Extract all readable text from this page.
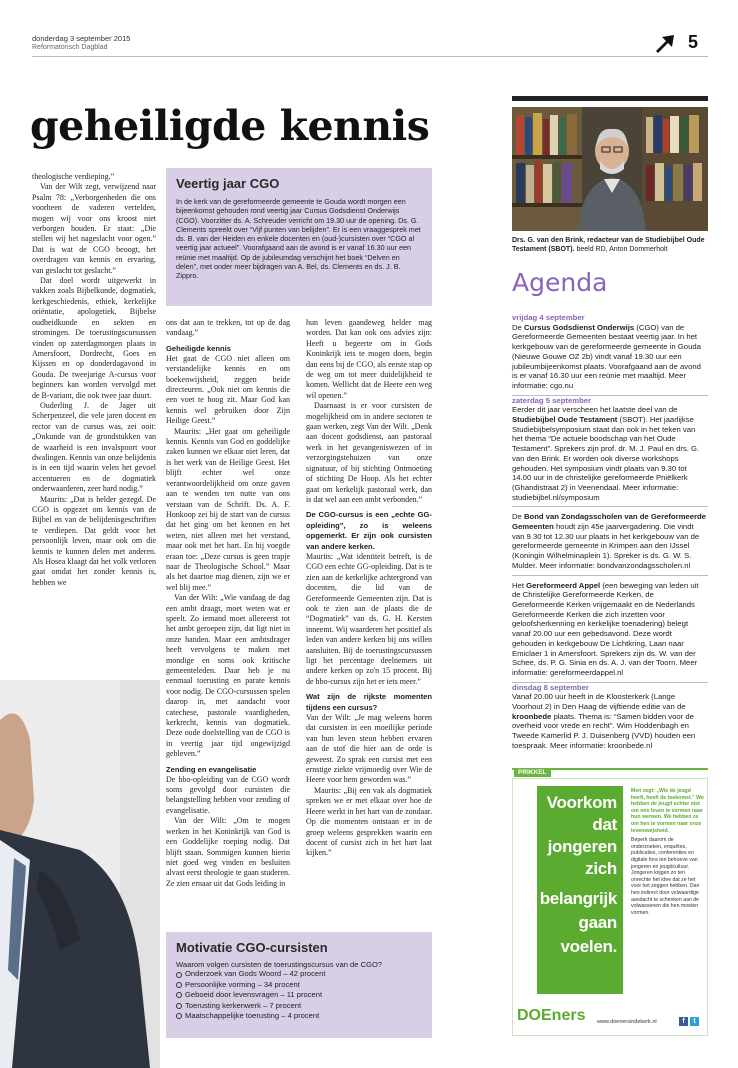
donderdag 3 september 2015
Reformatorisch Dagblad	5
geheiligde kennis

theologische verdieping.”

Van der Wilt zegt, verwijzend naar Psalm 78: „Verborgenheden die ons voorheen de vaderen vertelden, mogen wij voor ons kroost niet verborgen houden. Er staat: „Die stellen wij het nageslacht voor ogen.” Dat is wat de CGO beoogt, het overdragen van kennis en ervaring, van geslacht tot geslacht.”

Dat doel wordt uitgewerkt in vakken zoals Bijbelkunde, dogmatiek, kerkgeschiedenis, ethiek, kerkelijke oriëntatie, apologetiek, Bijbelse oudheidkunde en sekten en stromingen. De toerustingscursussen vinden op zaterdagmorgen plaats in Amersfoort, Dordrecht, Goes en Kijssen en op donderdagavond in Gouda. De tweejarige A-cursus voor beginners kan worden vervolgd met de B-variant, die ook twee jaar duurt.

Ouderling J. de Jager uit Scherpenzeel, die vele jaren docent en rector van de cursus was, zei ooit: „Onkunde van de grondstukken van de waarheid is een invalspoort voor dwalingen. Kennis van onze belijdenis is in een tijd waarin velen het gevoel accentueren en de dogmatiek onderwaarderen, zeer hard nodig.”

Maurits: „Dat is helder gezegd. De CGO is opgezet om kennis van de Bijbel en van de belijdenisgeschriften te verdiepen. Dat geldt voor het persoonlijk leven, maar ook om die kennis te kunnen delen met anderen. Als Hosea klaagt dat het volk verloren gaat omdat het zonder kennis is, hebben we

Veertig jaar CGO
In de kerk van de gereformeerde gemeente te Gouda wordt morgen een bijeenkomst gehouden rond veertig jaar Cursus Godsdienst Onderwijs (CGO). Voorzitter ds. A. Schreuder verricht om 19.30 uur de opening. Ds. G. Clements spreekt over “Vijf punten van belijden”. Er is een vraaggesprek met ds. B. van der Heiden en enkele docenten en (oud-)cursisten over “CGO al veertig jaar actueel”. Voorafgaand aan de avond is er vanaf 16.30 uur een reünie met maaltijd. Op de jubileumdag verschijnt het boek “Delven en delen”, met onder meer bijdragen van A. Bel, ds. Clements en ds. J. B. Zippro.

ons dat aan te trekken, tot op de dag vandaag.”

Geheiligde kennis

Het gaat de CGO niet alleen om verstandelijke kennis en om boekenwijsheid, zeggen beide directeuren. „Ook niet om kennis die een voet te hoog zit. Maar God kan kennis wel gebruiken door Zijn Heilige Geest.”

Maurits: „Het gaat om geheiligde kennis. Kennis van God en goddelijke zaken kunnen we elkaar niet leren, dat is het werk van de Heilige Geest. Het blijft echter wel onze verantwoordelijkheid om onze gaven aan te wenden ten nutte van ons verstaan van de Schrift. Ds. A. F. Honkoop zei bij de start van de cursus dat het ging om het kennen en het weten, niet alleen met het verstand, maar ook met het hart. En hij voegde eraan toe: „Deze cursus is geen trapje naar de Theologische School.” Maar als het daartoe mag dienen, zijn we er wel blij mee.”

Van der Wilt: „Wie vandaag de dag een ambt draagt, moet weten wat er speelt. Zo iemand moet allereerst tot het ambt geroepen zijn, dat ligt niet in onze handen. Maar een ambtsdrager heeft vervolgens te maken met mondige en soms ook kritische gemeenteleden. Daar heb je nu eenmaal toerusting en parate kennis voor nodig. De CGO-cursussen spelen daarop in, met aandacht voor catechese, pastorale vaardigheden, kerkrecht, kennis van dogmatiek. Deze oude doelstelling van de CGO is in veertig jaar tijd ongewijzigd gebleven.”

Zending en evangelisatie

De hbo-opleiding van de CGO wordt soms gevolgd door cursisten die belangstelling hebben voor zending of evangelisatie.

Van der Wilt: „Om te mogen werken in het Koninkrijk van God is een Goddelijke roeping nodig. Dat blijft staan. Sommigen kunnen hierin niet goed weg vinden en besluiten alvast eerst theologie te gaan studeren. Ze zien ernaar uit dat Gods leiding in

hun leven gaandeweg helder mag worden. Dat kan ook ons advies zijn: Heeft u begeerte om in Gods Koninkrijk iets te mogen doen, begin dan eens bij de CGO, als eerste stap op de weg om tot meer duidelijkheid te komen. Wellicht dat de Heere een weg wil openen.”

Daarnaast is er voor cursisten de mogelijkheid om in andere sectoren te gaan werken, zegt Van der Wilt. „Denk aan docent godsdienst, aan pastoraal werk in het gevangeniswezen of in verzorgingstehuizen van onze signatuur, of bij stichting Ontmoeting of stichting De Hoop. Als het echter gaat om kerkelijk pastoraal werk, dan is dat wel aan een ambt verbonden.”

De CGO-cursus is een „echte GG-opleiding”, zo is weleens opgemerkt. Er zijn ook cursisten van andere kerken.

Maurits: „Wat identiteit betreft, is de CGO een echte GG-opleiding. Dat is te zien aan de kerkelijke achtergrond van docenten, die lid van de Gereformeerde Gemeenten zijn. Dat is ook te zien aan de plaats die de “Dogmatiek” van ds. G. H. Kersten inneemt. Wij waarderen het positief als leden van andere kerken bij ons willen aansluiten. Bij de toerustingscursussen ligt het percentage deelnemers uit andere kerken op zo'n 15 procent. Bij de hbo-cursus zijn het er iets meer.”

Wat zijn de rijkste momenten tijdens een cursus?

Van der Wilt: „Je mag weleens horen dat cursisten in een moeilijke periode van hun leven steun hebben ervaren aan de stof die hier aan de orde is geweest. Zo sprak een cursist met een ernstige ziekte vrijmoedig over Wie de Heere voor hem geworden was.”

Maurits: „Bij een vak als dogmatiek spreken we er met elkaar over hoe de Heere werkt in het hart van de zondaar. Op die momenten ontstaan er in de groep weleens gesprekken waarin een docent of cursist zich in het hart laat kijken.”

Motivatie CGO-cursisten
Waarom volgen cursisten de toerustingscursus van de CGO?
Onderzoek van Gods Woord – 42 procent
Persoonlijke vorming – 34 procent
Geboeid door levensvragen – 11 procent
Toerusting kerkenwerk – 7 procent
Maatschappelijke toerusting – 4 procent
Drs. G. van den Brink, redacteur van de Studiebijbel Oude Testament (SBOT). beeld RD, Anton Dommerholt
Agenda
vrijdag 4 september
De Cursus Godsdienst Onderwijs (CGO) van de Gereformeerde Gemeenten bestaat veertig jaar. In het kerkgebouw van de gereformeerde gemeente in Gouda (Nieuwe Gouwe OZ 2b) vindt vanaf 19.30 uur een jubileumbijeenkomst plaats. Voorafgaand aan de avond is er vanaf 16.30 uur een reünie met maaltijd. Meer informatie: cgo.nu
zaterdag 5 september
Eerder dit jaar verscheen het laatste deel van de Studiebijbel Oude Testament (SBOT). Het jaarlijkse Studiebijbelsymposium staat dan ook in het teken van het thema “De actuele boodschap van het Oude Testament”. Sprekers zijn prof. dr. M. J. Paul en drs. G. van den Brink. Er worden ook diverse workshops gehouden. Het symposium vindt plaats van 9.30 tot 14.00 uur in de christelijke gereformeerde Pniëlkerk (Ghandistraat 2) in Veenendaal. Meer informatie: studiebijbel.nl/symposium
De Bond van Zondagsscholen van de Gereformeerde Gemeenten houdt zijn 45e jaarvergadering. Die vindt van 9.30 tot 12.30 uur plaats in het kerkgebouw van de gereformeerde gemeente in Krimpen aan den IJssel (Koningin Wilhelminaplein 1). Spreker is ds. G. W. S. Mulder. Meer informatie: bondvanzondagsscholen.nl
Het Gereformeerd Appel (een beweging van leden uit de Christelijke Gereformeerde Kerken, de Gereformeerde Kerken vrijgemaakt en de Nederlands Gereformeerde Kerken die zich inzetten voor geloofsherkenning en kerkelijke toenadering) belegt vanaf 20.00 uur een gebedsavond. Deze wordt gehouden in kerkgebouw De Lichtkring, Laan naar Emiclaer 1 in Amersfoort. Sprekers zijn ds. W. van der Schee, ds. P. G. Sinia en ds. A. J. van der Toorn. Meer informatie: gereformeerdappel.nl
dinsdag 8 september
Vanaf 20.00 uur heeft in de Kloosterkerk (Lange Voorhout 2) in Den Haag de vijftiende editie van de kroonbede plaats. Thema is: “Samen bidden voor de overheid voor vrede en recht”. Wim Hoddenbagh en Tweede Kamerlid P. J. Duisenberg (VVD) houden een toespraak. Meer informatie: kroonbede.nl
PRIKKEL
Voorkom
dat
jongeren
zich
belangrijk
gaan
voelen.
Men zegt: „Wie de jeugd heeft, heeft de toekomst.” We hebben de jeugd echter niet om ons leven te vormen naar hun wensen. We hebben ze om hen te vormen naar onze levenswijsheid.
Beperk daarom de onderzoeken, enquêtes, publicaties, conferenties en digitale fora ten behoeve van jongeren en jeugdcultuur. Jongeren krijgen zo ten onrechte het idee dat ze het voor het zeggen hebben. Dan hen indirect door volwaardige aandacht te schenken aan de volwassenen die hen moeten vormen.
DOEners www.doenersindekerk.nl	f	t
